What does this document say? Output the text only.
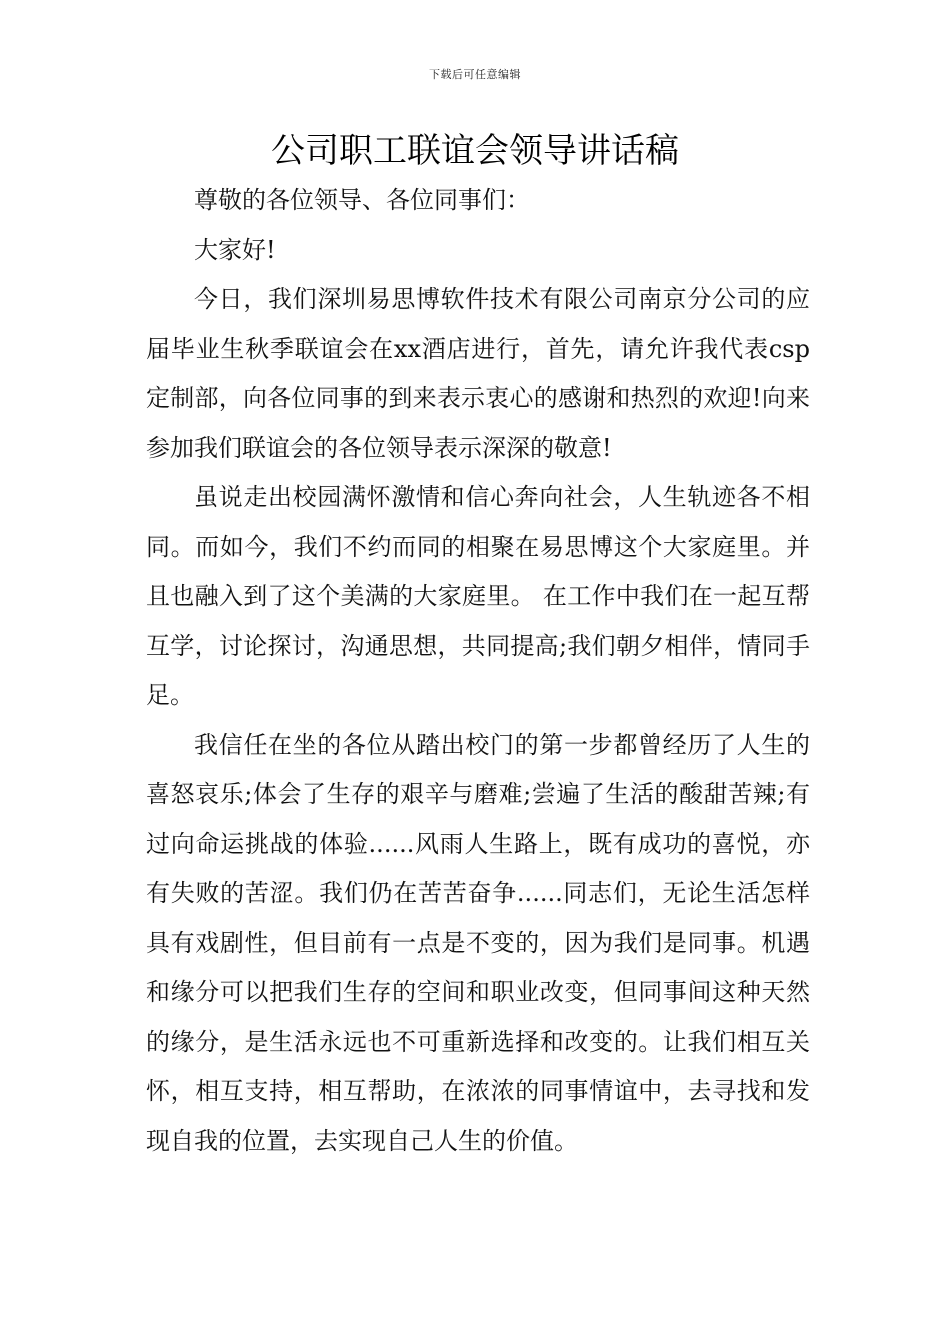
下载后可任意编辑
公司职工联谊会领导讲话稿

尊敬的各位领导、各位同事们：

大家好!

今日，我们深圳易思博软件技术有限公司南京分公司的应届毕业生秋季联谊会在xx酒店进行，首先，请允许我代表csp定制部，向各位同事的到来表示衷心的感谢和热烈的欢迎!向来参加我们联谊会的各位领导表示深深的敬意!

虽说走出校园满怀激情和信心奔向社会，人生轨迹各不相同。而如今，我们不约而同的相聚在易思博这个大家庭里。并且也融入到了这个美满的大家庭里。 在工作中我们在一起互帮互学，讨论探讨，沟通思想，共同提高;我们朝夕相伴，情同手足。

我信任在坐的各位从踏出校门的第一步都曾经历了人生的喜怒哀乐;体会了生存的艰辛与磨难;尝遍了生活的酸甜苦辣;有过向命运挑战的体验......风雨人生路上，既有成功的喜悦，亦有失败的苦涩。我们仍在苦苦奋争......同志们，无论生活怎样具有戏剧性，但目前有一点是不变的，因为我们是同事。机遇和缘分可以把我们生存的空间和职业改变，但同事间这种天然的缘分，是生活永远也不可重新选择和改变的。让我们相互关怀，相互支持，相互帮助，在浓浓的同事情谊中，去寻找和发现自我的位置，去实现自己人生的价值。
